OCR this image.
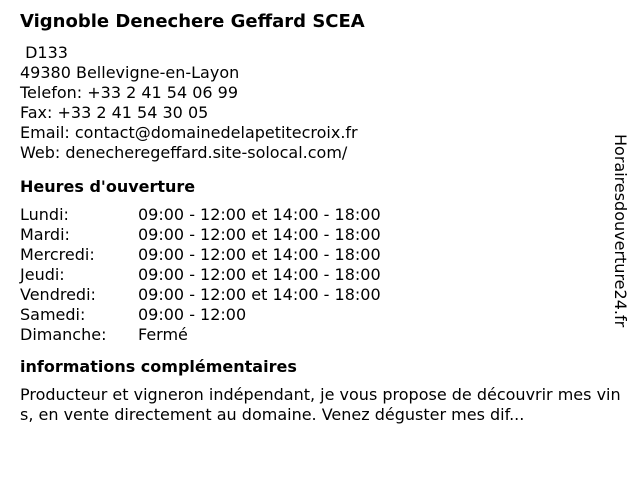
Vignoble Denechere Geffard SCEA
D133
49380 Bellevigne-en-Layon
Telefon: +33 2 41 54 06 99
Fax: +33 2 41 54 30 05
Email: contact@domainedelapetitecroix.fr
Web: denecheregeffard.site-solocal.com/
Heures d'ouverture
Lundi:	09:00 - 12:00 et 14:00 - 18:00
Mardi:	09:00 - 12:00 et 14:00 - 18:00
Mercredi:	09:00 - 12:00 et 14:00 - 18:00
Jeudi:	09:00 - 12:00 et 14:00 - 18:00
Vendredi:	09:00 - 12:00 et 14:00 - 18:00
Samedi:	09:00 - 12:00
Dimanche:	Fermé
informations complémentaires
Producteur et vigneron indépendant, je vous propose de découvrir mes vins, en vente directement au domaine. Venez déguster mes dif...
Horairesdouverture24.fr
